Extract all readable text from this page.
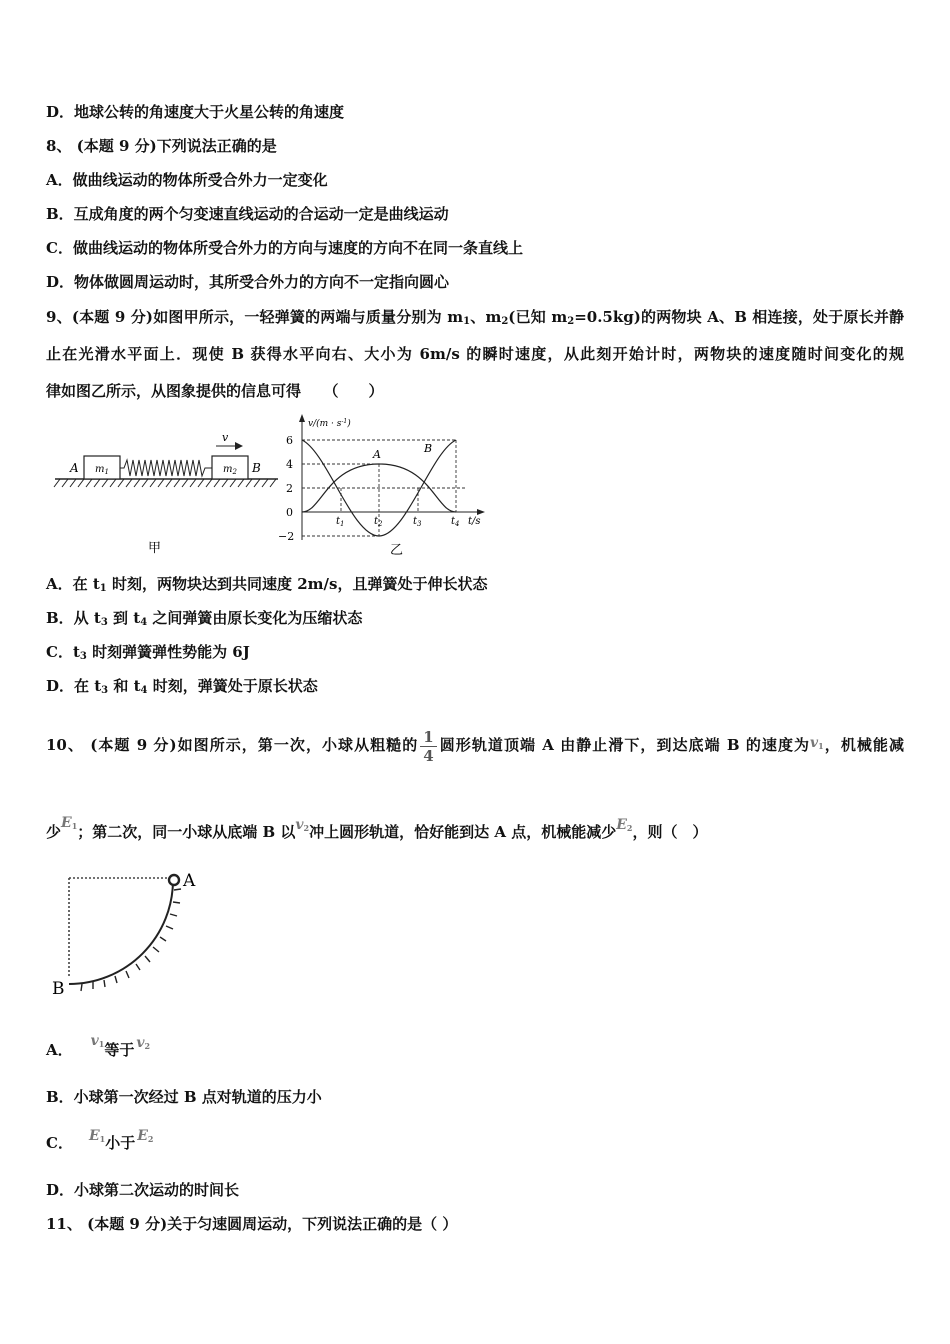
D．地球公转的角速度大于火星公转的角速度
8、 (本题 9 分)下列说法正确的是
A．做曲线运动的物体所受合外力一定变化
B．互成角度的两个匀变速直线运动的合运动一定是曲线运动
C．做曲线运动的物体所受合外力的方向与速度的方向不在同一条直线上
D．物体做圆周运动时，其所受合外力的方向不一定指向圆心
9、(本题 9 分)如图甲所示，一轻弹簧的两端与质量分别为 $m_1$、$m_2$(已知 $m_2=0.5kg$)的两物块 A、B 相连接，处于原长并静
止在光滑水平面上．现使 B 获得水平向右、大小为 6m/s 的瞬时速度，从此刻开始计时，两物块的速度随时间变化的规
律如图乙所示，从图象提供的信息可得　　（　　）
v
A	B
$m_1$	$m_2$
甲
$v/(m \cdot s^{-1})$
t/s
6
4
2
0
−2
A	B
$t_1$	$t_2$	$t_3$	$t_4$
乙
A．在 $t_1$ 时刻，两物块达到共同速度 2m/s，且弹簧处于伸长状态
B．从 $t_3$ 到 $t_4$ 之间弹簧由原长变化为压缩状态
C．$t_3$ 时刻弹簧弹性势能为 6J
D．在 $t_3$ 和 $t_4$ 时刻，弹簧处于原长状态
10、 (本题 9 分)如图所示，第一次，小球从粗糙的 $\frac{1}{4}$ 圆形轨道顶端 A 由静止滑下，到达底端 B 的速度为$v_1$，机械能减
少$E_1$；第二次，同一小球从底端 B 以$v_2$冲上圆形轨道，恰好能到达 A 点，机械能减少$E_2$，则（　）
A
B
A． $v_1$等于 $v_2$
B．小球第一次经过 B 点对轨道的压力小
C． $E_1$小于 $E_2$
D．小球第二次运动的时间长
11、 (本题 9 分)关于匀速圆周运动，下列说法正确的是（ ）
